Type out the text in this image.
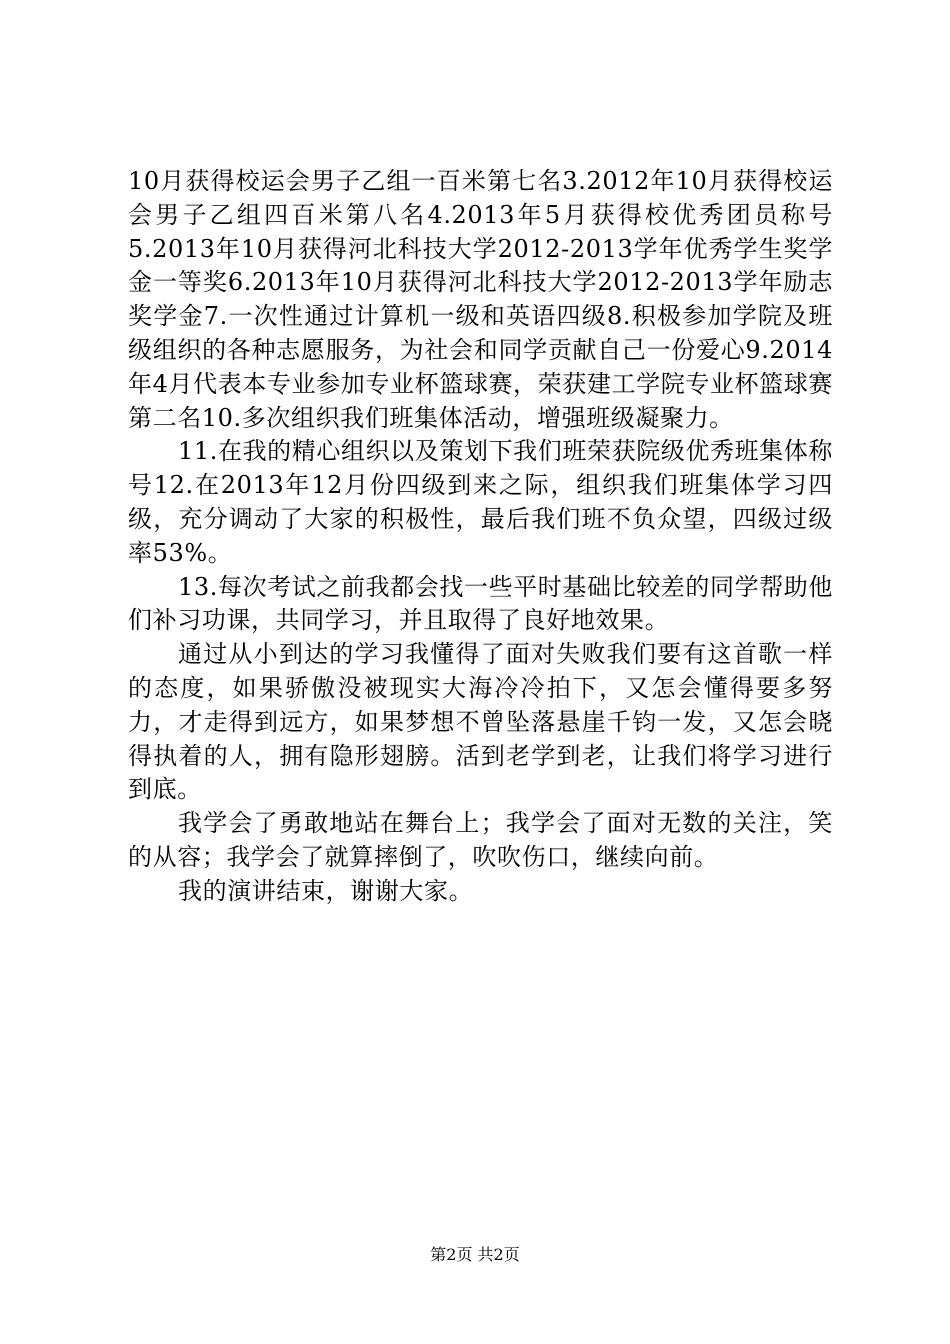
10月获得校运会男子乙组一百米第七名3.2012年10月获得校运会男子乙组四百米第八名4.2013年5月获得校优秀团员称号5.2013年10月获得河北科技大学2012-2013学年优秀学生奖学金一等奖6.2013年10月获得河北科技大学2012-2013学年励志奖学金7.一次性通过计算机一级和英语四级8.积极参加学院及班级组织的各种志愿服务，为社会和同学贡献自己一份爱心9.2014年4月代表本专业参加专业杯篮球赛，荣获建工学院专业杯篮球赛第二名10.多次组织我们班集体活动，增强班级凝聚力。

11.在我的精心组织以及策划下我们班荣获院级优秀班集体称号12.在2013年12月份四级到来之际，组织我们班集体学习四级，充分调动了大家的积极性，最后我们班不负众望，四级过级率53%。

13.每次考试之前我都会找一些平时基础比较差的同学帮助他们补习功课，共同学习，并且取得了良好地效果。

通过从小到达的学习我懂得了面对失败我们要有这首歌一样的态度，如果骄傲没被现实大海冷冷拍下，又怎会懂得要多努力，才走得到远方，如果梦想不曾坠落悬崖千钧一发，又怎会晓得执着的人，拥有隐形翅膀。活到老学到老，让我们将学习进行到底。

我学会了勇敢地站在舞台上；我学会了面对无数的关注，笑的从容；我学会了就算摔倒了，吹吹伤口，继续向前。

我的演讲结束，谢谢大家。

第2页 共2页
